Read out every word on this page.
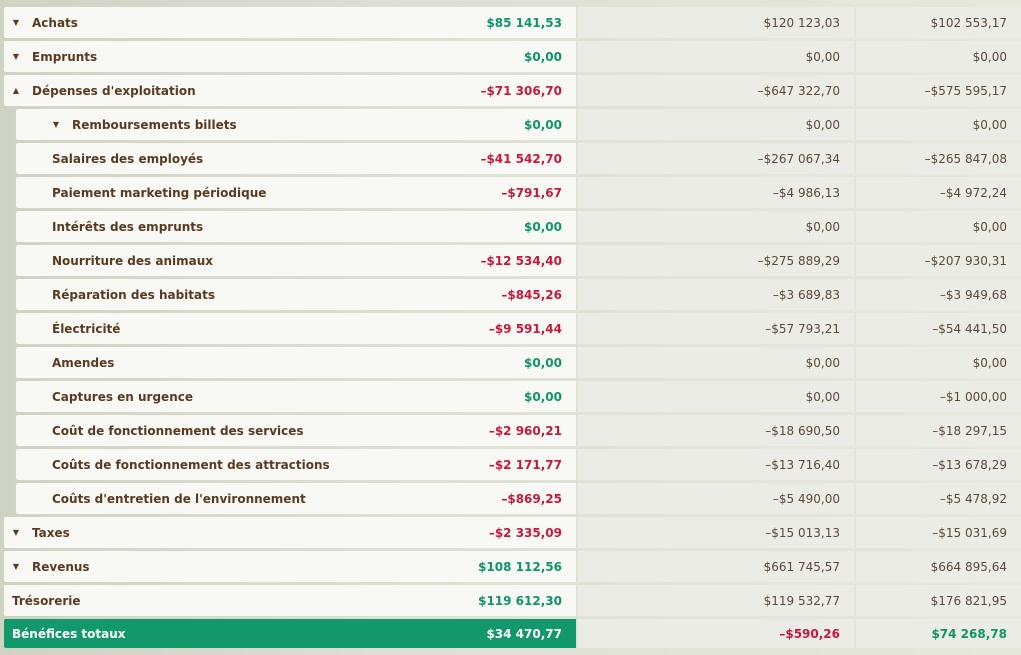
▼ Achats	$85 141,53	$120 123,03	$102 553,17
▼ Emprunts	$0,00	$0,00	$0,00
▲ Dépenses d'exploitation	–$71 306,70	–$647 322,70	–$575 595,17
▼ Remboursements billets	$0,00	$0,00	$0,00
Salaires des employés	–$41 542,70	–$267 067,34	–$265 847,08
Paiement marketing périodique	–$791,67	–$4 986,13	–$4 972,24
Intérêts des emprunts	$0,00	$0,00	$0,00
Nourriture des animaux	–$12 534,40	–$275 889,29	–$207 930,31
Réparation des habitats	–$845,26	–$3 689,83	–$3 949,68
Électricité	–$9 591,44	–$57 793,21	–$54 441,50
Amendes	$0,00	$0,00	$0,00
Captures en urgence	$0,00	$0,00	–$1 000,00
Coût de fonctionnement des services	–$2 960,21	–$18 690,50	–$18 297,15
Coûts de fonctionnement des attractions	–$2 171,77	–$13 716,40	–$13 678,29
Coûts d'entretien de l'environnement	–$869,25	–$5 490,00	–$5 478,92
▼ Taxes	–$2 335,09	–$15 013,13	–$15 031,69
▼ Revenus	$108 112,56	$661 745,57	$664 895,64
Trésorerie	$119 612,30	$119 532,77	$176 821,95
Bénéfices totaux	$34 470,77	–$590,26	$74 268,78
